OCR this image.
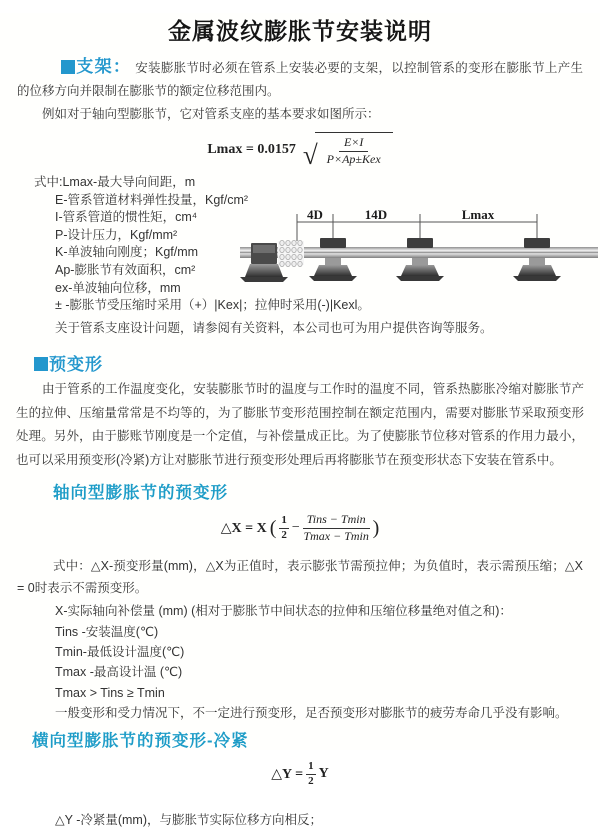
金属波纹膨胀节安装说明

支架： 安装膨胀节时必须在管系上安装必要的支架，以控制管系的变形在膨胀节上产生的位移方向并限制在膨胀节的额定位移范围内。

例如对于轴向型膨胀节，它对管系支座的基本要求如图所示：

Lmax = 0.0157 √ $\frac{E\times I}{\text{P×Ap±Kex}}$
式中:Lmax-最大导向间距，m
E-管系管道材料弹性投量，Kgf/cm²
I-管系管道的惯性矩，cm⁴
P-设计压力，Kgf/mm²
K-单波轴向刚度；Kgf/mm
Ap-膨胀节有效面积，cm²
ex-单波轴向位移，mm
± -膨胀节受压缩时采用（+）|Kex|；拉伸时采用(-)|Kexl。
关于管系支座设计问题，请参阅有关资料，本公司也可为用户提供咨询等服务。
4D	14D	Lmax
预变形

由于管系的工作温度变化，安装膨胀节时的温度与工作时的温度不同，管系热膨胀冷缩对膨胀节产生的拉伸、压缩量常常是不均等的，为了膨胀节变形范围控制在额定范围内，需要对膨胀节采取预变形处理。另外，由于膨账节刚度是一个定值，与补偿量成正比。为了使膨胀节位移对管系的作用力最小，也可以采用预变形(冷紧)方让对膨胀节进行预变形处理后再将膨胀节在预变形状态下安装在管系中。

轴向型膨胀节的预变形
△X = X ( $\frac{1}{2}$ −
Tins − Tmin
Tmax − Tmin )

式中：△X-预变形量(mm)，△X为正值时，表示膨张节需预拉伸；为负值时，表示需预压缩；△X = 0时表示不需预变形。

X-实际轴向补偿量 (mm) (相对于膨胀节中间状态的拉伸和压缩位移量绝对值之和)：
Tins -安装温度(℃)
Tmin-最低设计温度(℃)
Tmax -最高设计温 (℃)
Tmax > Tins ≥ Tmin
一般变形和受力情况下，不一定进行预变形，足否预变形对膨胀节的疲劳寿命几乎没有影响。
横向型膨胀节的预变形-冷紧
△Y = $\frac{1}{2}$ Y
△Y -冷紧量(mm)，与膨胀节实际位移方向相反；
